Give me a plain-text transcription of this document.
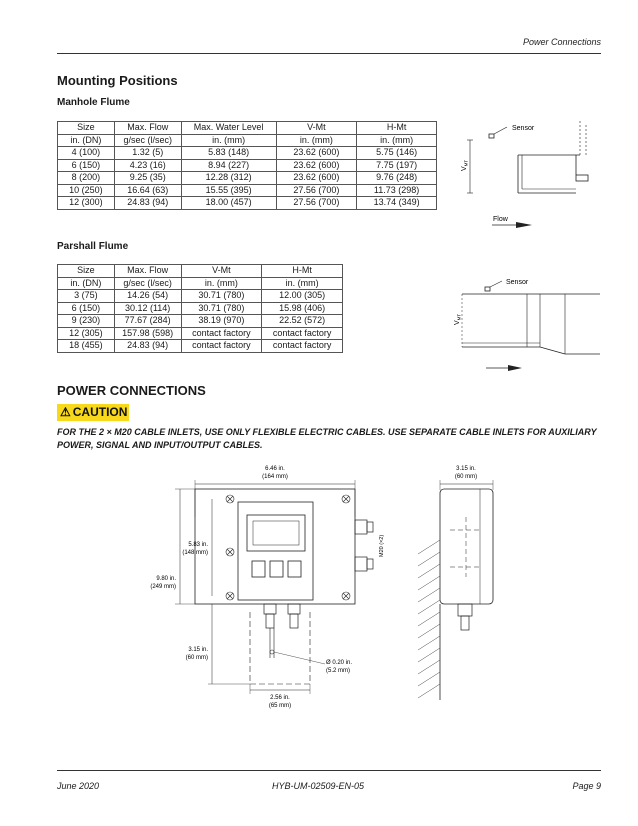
Power Connections
Mounting Positions
Manhole Flume
Size	Max. Flow	Max. Water Level	V-Mt	H-Mt
in. (DN)	g/sec (l/sec)	in. (mm)	in. (mm)	in. (mm)
4 (100)	1.32 (5)	5.83 (148)	23.62 (600)	5.75 (146)
6 (150)	4.23 (16)	8.94 (227)	23.62 (600)	7.75 (197)
8 (200)	9.25 (35)	12.28 (312)	23.62 (600)	9.76 (248)
10 (250)	16.64 (63)	15.55 (395)	27.56 (700)	11.73 (298)
12 (300)	24.83 (94)	18.00 (457)	27.56 (700)	13.74 (349)
Sensor
$V_{MT}$
Flow
Parshall Flume
Size	Max. Flow	V-Mt	H-Mt
in. (DN)	g/sec (l/sec)	in. (mm)	in. (mm)
3 (75)	14.26 (54)	30.71 (780)	12.00 (305)
6 (150)	30.12 (114)	30.71 (780)	15.98 (406)
9 (230)	77.67 (284)	38.19 (970)	22.52 (572)
12 (305)	157.98 (598)	contact factory	contact factory
18 (455)	24.83 (94)	contact factory	contact factory
Sensor
$V_{MT}$
POWER CONNECTIONS
⚠ CAUTION
FOR THE 2 × M20 CABLE INLETS, USE ONLY FLEXIBLE ELECTRIC CABLES. USE SEPARATE CABLE INLETS FOR AUXILIARY POWER, SIGNAL AND INPUT/OUTPUT CABLES.
6.46 in.
(164 mm)
M20 (×2)
5.83 in.
(148 mm)
9.80 in.
(249 mm)
3.15 in.
(60 mm)
Ø 0.20 in.
(5.2 mm)
2.56 in.
(65 mm)
3.15 in.
(60 mm)
June 2020	HYB-UM-02509-EN-05	Page 9
